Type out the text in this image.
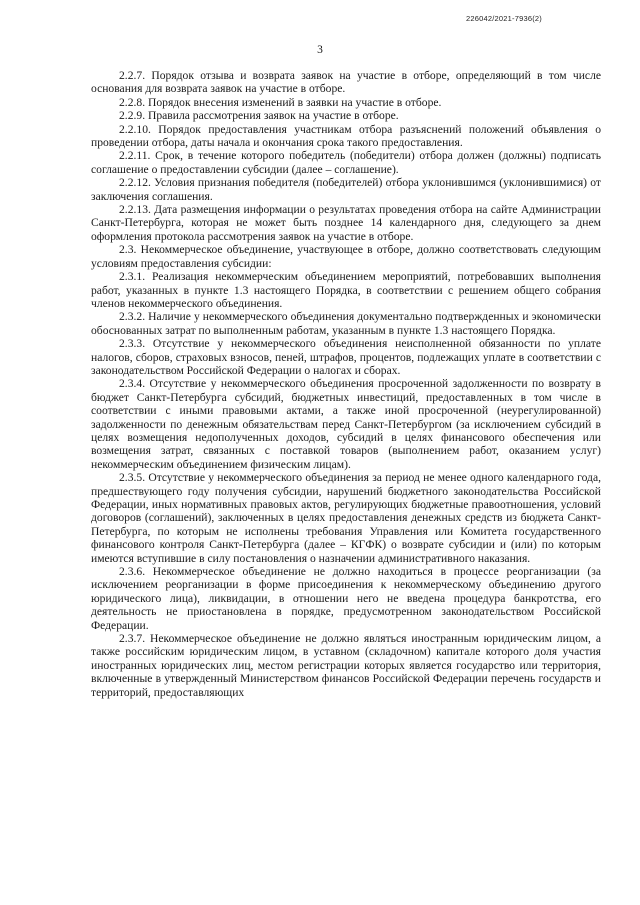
226042/2021-7936(2)
3

2.2.7. Порядок отзыва и возврата заявок на участие в отборе, определяющий в том числе основания для возврата заявок на участие в отборе.

2.2.8. Порядок внесения изменений в заявки на участие в отборе.

2.2.9. Правила рассмотрения заявок на участие в отборе.

2.2.10. Порядок предоставления участникам отбора разъяснений положений объявления о проведении отбора, даты начала и окончания срока такого предоставления.

2.2.11. Срок, в течение которого победитель (победители) отбора должен (должны) подписать соглашение о предоставлении субсидии (далее – соглашение).

2.2.12. Условия признания победителя (победителей) отбора уклонившимся (уклонившимися) от заключения соглашения.

2.2.13. Дата размещения информации о результатах проведения отбора на сайте Администрации Санкт-Петербурга, которая не может быть позднее 14 календарного дня, следующего за днем оформления протокола рассмотрения заявок на участие в отборе.

2.3. Некоммерческое объединение, участвующее в отборе, должно соответствовать следующим условиям предоставления субсидии:

2.3.1. Реализация некоммерческим объединением мероприятий, потребовавших выполнения работ, указанных в пункте 1.3 настоящего Порядка, в соответствии с решением общего собрания членов некоммерческого объединения.

2.3.2. Наличие у некоммерческого объединения документально подтвержденных и экономически обоснованных затрат по выполненным работам, указанным в пункте 1.3 настоящего Порядка.

2.3.3. Отсутствие у некоммерческого объединения неисполненной обязанности по уплате налогов, сборов, страховых взносов, пеней, штрафов, процентов, подлежащих уплате в соответствии с законодательством Российской Федерации о налогах и сборах.

2.3.4. Отсутствие у некоммерческого объединения просроченной задолженности по возврату в бюджет Санкт-Петербурга субсидий, бюджетных инвестиций, предоставленных в том числе в соответствии с иными правовыми актами, а также иной просроченной (неурегулированной) задолженности по денежным обязательствам перед Санкт-Петербургом (за исключением субсидий в целях возмещения недополученных доходов, субсидий в целях финансового обеспечения или возмещения затрат, связанных с поставкой товаров (выполнением работ, оказанием услуг) некоммерческим объединением физическим лицам).

2.3.5. Отсутствие у некоммерческого объединения за период не менее одного календарного года, предшествующего году получения субсидии, нарушений бюджетного законодательства Российской Федерации, иных нормативных правовых актов, регулирующих бюджетные правоотношения, условий договоров (соглашений), заключенных в целях предоставления денежных средств из бюджета Санкт-Петербурга, по которым не исполнены требования Управления или Комитета государственного финансового контроля Санкт-Петербурга (далее – КГФК) о возврате субсидии и (или) по которым имеются вступившие в силу постановления о назначении административного наказания.

2.3.6. Некоммерческое объединение не должно находиться в процессе реорганизации (за исключением реорганизации в форме присоединения к некоммерческому объединению другого юридического лица), ликвидации, в отношении него не введена процедура банкротства, его деятельность не приостановлена в порядке, предусмотренном законодательством Российской Федерации.

2.3.7. Некоммерческое объединение не должно являться иностранным юридическим лицом, а также российским юридическим лицом, в уставном (складочном) капитале которого доля участия иностранных юридических лиц, местом регистрации которых является государство или территория, включенные в утвержденный Министерством финансов Российской Федерации перечень государств и территорий, предоставляющих
